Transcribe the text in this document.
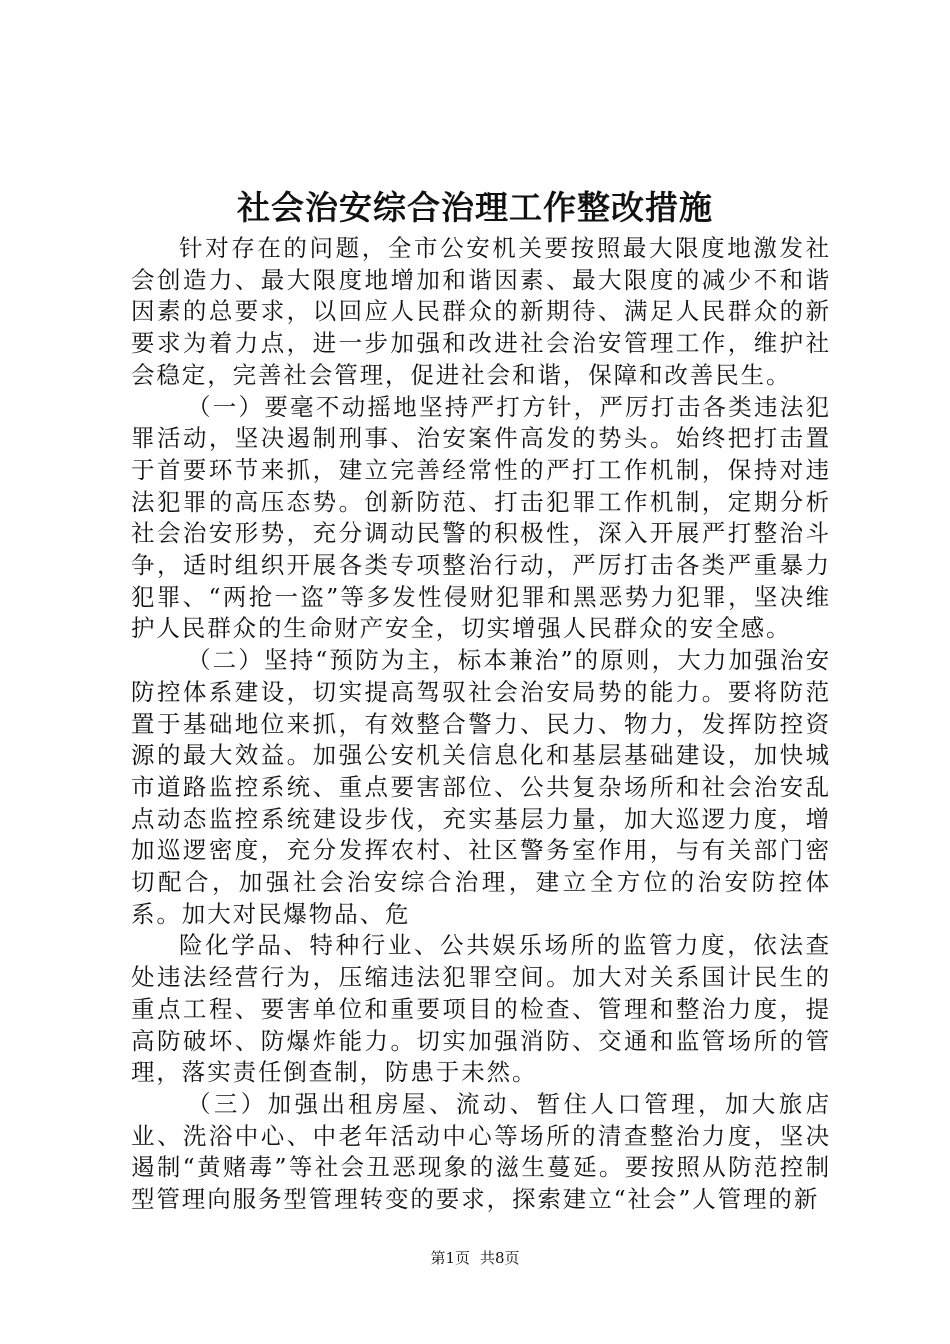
社会治安综合治理工作整改措施

针对存在的问题，全市公安机关要按照最大限度地激发社会创造力、最大限度地增加和谐因素、最大限度的减少不和谐因素的总要求，以回应人民群众的新期待、满足人民群众的新要求为着力点，进一步加强和改进社会治安管理工作，维护社会稳定，完善社会管理，促进社会和谐，保障和改善民生。

（一）要毫不动摇地坚持严打方针，严厉打击各类违法犯罪活动，坚决遏制刑事、治安案件高发的势头。始终把打击置于首要环节来抓，建立完善经常性的严打工作机制，保持对违法犯罪的高压态势。创新防范、打击犯罪工作机制，定期分析社会治安形势，充分调动民警的积极性，深入开展严打整治斗争，适时组织开展各类专项整治行动，严厉打击各类严重暴力犯罪、“两抢一盗”等多发性侵财犯罪和黑恶势力犯罪，坚决维护人民群众的生命财产安全，切实增强人民群众的安全感。

（二）坚持“预防为主，标本兼治”的原则，大力加强治安防控体系建设，切实提高驾驭社会治安局势的能力。要将防范置于基础地位来抓，有效整合警力、民力、物力，发挥防控资源的最大效益。加强公安机关信息化和基层基础建设，加快城市道路监控系统、重点要害部位、公共复杂场所和社会治安乱点动态监控系统建设步伐，充实基层力量，加大巡逻力度，增加巡逻密度，充分发挥农村、社区警务室作用，与有关部门密切配合，加强社会治安综合治理，建立全方位的治安防控体系。加大对民爆物品、危

险化学品、特种行业、公共娱乐场所的监管力度，依法查处违法经营行为，压缩违法犯罪空间。加大对关系国计民生的重点工程、要害单位和重要项目的检查、管理和整治力度，提高防破坏、防爆炸能力。切实加强消防、交通和监管场所的管理，落实责任倒查制，防患于未然。

（三）加强出租房屋、流动、暂住人口管理，加大旅店业、洗浴中心、中老年活动中心等场所的清查整治力度，坚决遏制“黄赌毒”等社会丑恶现象的滋生蔓延。要按照从防范控制型管理向服务型管理转变的要求，探索建立“社会”人管理的新

第1页 共8页
